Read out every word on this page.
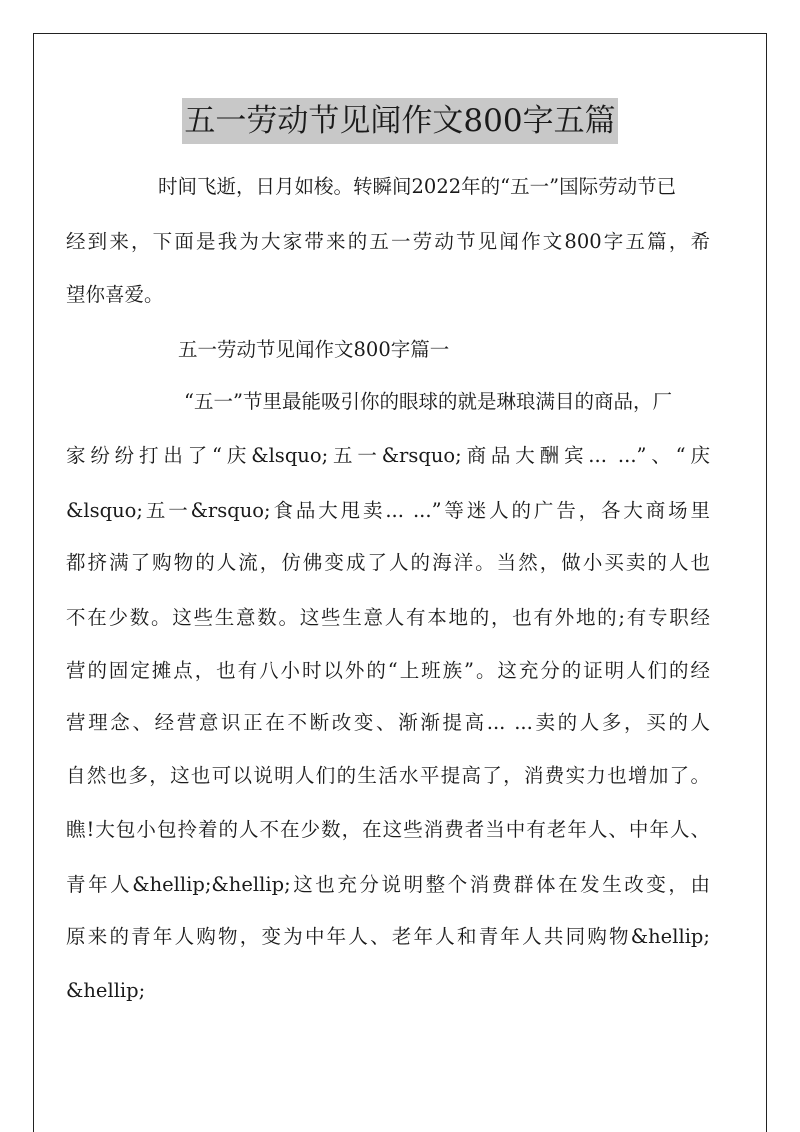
五一劳动节见闻作文800字五篇
时间飞逝，日月如梭。转瞬间2022年的“五一”国际劳动节已
经到来，下面是我为大家带来的五一劳动节见闻作文800字五篇，希
望你喜爱。
五一劳动节见闻作文800字篇一
“五一”节里最能吸引你的眼球的就是琳琅满目的商品，厂
家纷纷打出了“庆&lsquo;五一&rsquo;商品大酬宾... ...”、“庆
&lsquo;五一&rsquo;食品大甩卖... ...”等迷人的广告，各大商场里
都挤满了购物的人流，仿佛变成了人的海洋。当然，做小买卖的人也
不在少数。这些生意数。这些生意人有本地的，也有外地的;有专职经
营的固定摊点，也有八小时以外的“上班族”。这充分的证明人们的经
营理念、经营意识正在不断改变、渐渐提高... ...卖的人多，买的人
自然也多，这也可以说明人们的生活水平提高了，消费实力也增加了。
瞧!大包小包拎着的人不在少数，在这些消费者当中有老年人、中年人、
青年人&hellip;&hellip;这也充分说明整个消费群体在发生改变，由
原来的青年人购物，变为中年人、老年人和青年人共同购物&hellip;
&hellip;
